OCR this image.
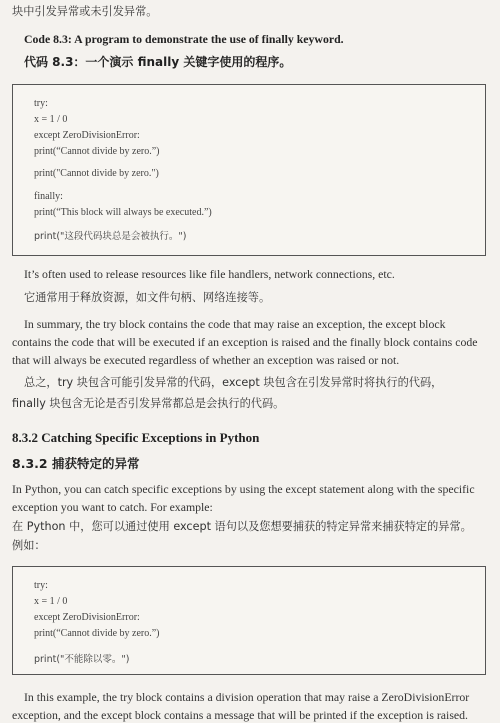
块中引发异常或未引发异常。
Code 8.3: A program to demonstrate the use of finally keyword.
代码 8.3：一个演示 finally 关键字使用的程序。
try:
x = 1 / 0
except ZeroDivisionError:
print(“Cannot divide by zero.”)
print("Cannot divide by zero.")
finally:
print(“This block will always be executed.”)
print("这段代码块总是会被执行。")
It’s often used to release resources like file handlers, network connections, etc.
它通常用于释放资源，如文件句柄、网络连接等。
In summary, the try block contains the code that may raise an exception, the except block
contains the code that will be executed if an exception is raised and the finally block contains code
that will always be executed regardless of whether an exception was raised or not.
总之，try 块包含可能引发异常的代码，except 块包含在引发异常时将执行的代码，
finally 块包含无论是否引发异常都总是会执行的代码。
8.3.2 Catching Specific Exceptions in Python
8.3.2 捕获特定的异常
In Python, you can catch specific exceptions by using the except statement along with the specific
exception you want to catch. For example:
在 Python 中，您可以通过使用 except 语句以及您想要捕获的特定异常来捕获特定的异常。
例如：
try:
x = 1 / 0
except ZeroDivisionError:
print(“Cannot divide by zero.”)
print("不能除以零。")
In this example, the try block contains a division operation that may raise a ZeroDivisionError
exception, and the except block contains a message that will be printed if the exception is raised.
